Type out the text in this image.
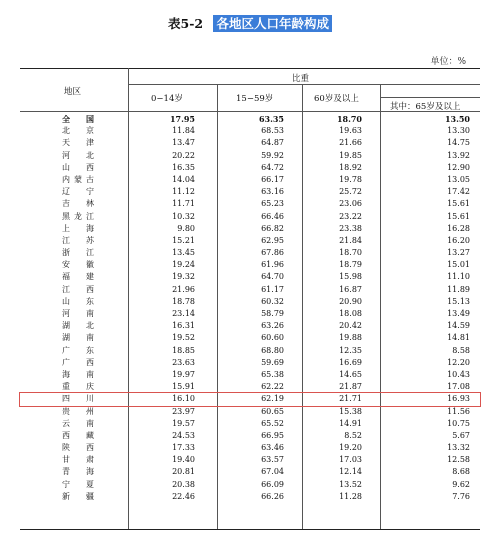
表5-2 各地区人口年龄构成
单位：%
地区
比重
0−14岁	15−59岁	60岁及以上
其中：65岁及以上
全　国	17.95	63.35	18.70	13.50
北　京	11.84	68.53	19.63	13.30
天　津	13.47	64.87	21.66	14.75
河　北	20.22	59.92	19.85	13.92
山　西	16.35	64.72	18.92	12.90
内蒙古	14.04	66.17	19.78	13.05
辽　宁	11.12	63.16	25.72	17.42
吉　林	11.71	65.23	23.06	15.61
黑龙江	10.32	66.46	23.22	15.61
上　海	9.80	66.82	23.38	16.28
江　苏	15.21	62.95	21.84	16.20
浙　江	13.45	67.86	18.70	13.27
安　徽	19.24	61.96	18.79	15.01
福　建	19.32	64.70	15.98	11.10
江　西	21.96	61.17	16.87	11.89
山　东	18.78	60.32	20.90	15.13
河　南	23.14	58.79	18.08	13.49
湖　北	16.31	63.26	20.42	14.59
湖　南	19.52	60.60	19.88	14.81
广　东	18.85	68.80	12.35	8.58
广　西	23.63	59.69	16.69	12.20
海　南	19.97	65.38	14.65	10.43
重　庆	15.91	62.22	21.87	17.08
四　川	16.10	62.19	21.71	16.93
贵　州	23.97	60.65	15.38	11.56
云　南	19.57	65.52	14.91	10.75
西　藏	24.53	66.95	8.52	5.67
陕　西	17.33	63.46	19.20	13.32
甘　肃	19.40	63.57	17.03	12.58
青　海	20.81	67.04	12.14	8.68
宁　夏	20.38	66.09	13.52	9.62
新　疆	22.46	66.26	11.28	7.76
